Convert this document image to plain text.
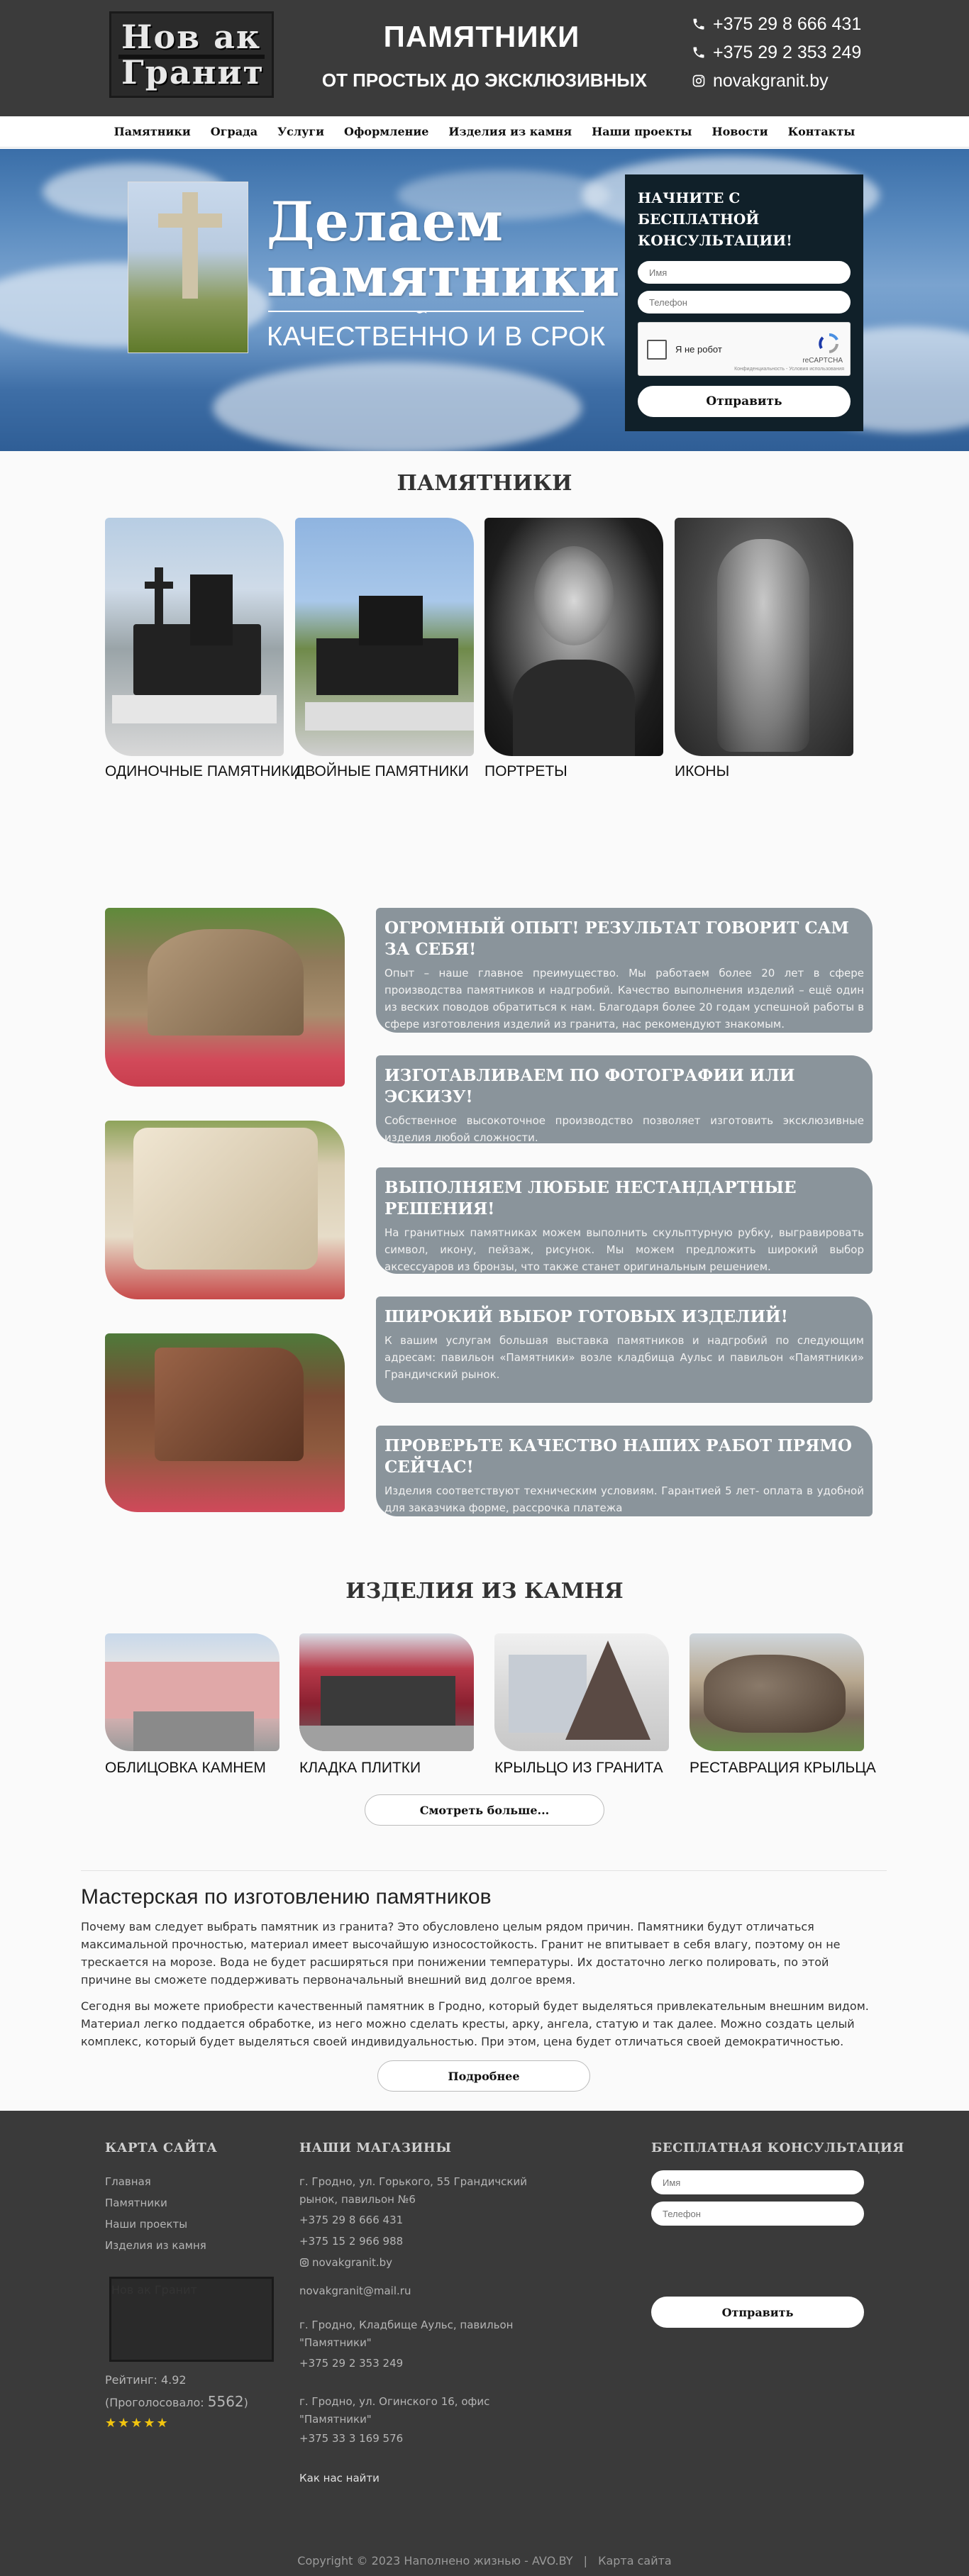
Нов ак
Гранит
ПАМЯТНИКИ
ОТ ПРОСТЫХ ДО ЭКСКЛЮЗИВНЫХ
+375 29 8 666 431
+375 29 2 353 249
novakgranit.by
Памятники Ограда Услуги Оформление Изделия из камня Наши проекты Новости Контакты
Делаем
памятники
∽
КАЧЕСТВЕННО И В СРОК
НАЧНИТЕ С БЕСПЛАТНОЙ КОНСУЛЬТАЦИИ!
Имя
Телефон
Я не робот
reCAPTCHA
Конфиденциальность - Условия использования
Отправить
ПАМЯТНИКИ
ОДИНОЧНЫЕ ПАМЯТНИКИ
ДВОЙНЫЕ ПАМЯТНИКИ	ПОРТРЕТЫ	ИКОНЫ
ОГРОМНЫЙ ОПЫТ! РЕЗУЛЬТАТ ГОВОРИТ САМ ЗА СЕБЯ!
Опыт – наше главное преимущество. Мы работаем более 20 лет в сфере производства памятников и надгробий. Качество выполнения изделий – ещё один из веских поводов обратиться к нам. Благодаря более 20 годам успешной работы в сфере изготовления изделий из гранита, нас рекомендуют знакомым.
ИЗГОТАВЛИВАЕМ ПО ФОТОГРАФИИ ИЛИ ЭСКИЗУ!
Собственное высокоточное производство позволяет изготовить эксклюзивные изделия любой сложности.
ВЫПОЛНЯЕМ ЛЮБЫЕ НЕСТАНДАРТНЫЕ РЕШЕНИЯ!
На гранитных памятниках можем выполнить скульптурную рубку, выгравировать символ, икону, пейзаж, рисунок. Мы можем предложить широкий выбор аксессуаров из бронзы, что также станет оригинальным решением.
ШИРОКИЙ ВЫБОР ГОТОВЫХ ИЗДЕЛИЙ!
К вашим услугам большая выставка памятников и надгробий по следующим адресам: павильон «Памятники» возле кладбища Аульс и павильон «Памятники» Грандичский рынок.
ПРОВЕРЬТЕ КАЧЕСТВО НАШИХ РАБОТ ПРЯМО СЕЙЧАС!
Изделия соответствуют техническим условиям. Гарантией 5 лет- оплата в удобной для заказчика форме, рассрочка платежа
ИЗДЕЛИЯ ИЗ КАМНЯ
ОБЛИЦОВКА КАМНЕМ	КЛАДКА ПЛИТКИ	КРЫЛЬЦО ИЗ ГРАНИТА	РЕСТАВРАЦИЯ КРЫЛЬЦА
Смотреть больше...
Мастерская по изготовлению памятников
Почему вам следует выбрать памятник из гранита? Это обусловлено целым рядом причин. Памятники будут отличаться максимальной прочностью, материал имеет высочайшую износостойкость. Гранит не впитывает в себя влагу, поэтому он не трескается на морозе. Вода не будет расширяться при понижении температуры. Их достаточно легко полировать, по этой причине вы сможете поддерживать первоначальный внешний вид долгое время.
Сегодня вы можете приобрести качественный памятник в Гродно, который будет выделяться привлекательным внешним видом. Материал легко поддается обработке, из него можно сделать кресты, арку, ангела, статую и так далее. Можно создать целый комплекс, который будет выделяться своей индивидуальностью. При этом, цена будет отличаться своей демократичностью.
Подробнее
КАРТА САЙТА
Главная
Памятники
Наши проекты
Изделия из камня
Нов ак Гранит
Рейтинг: 4.92
(Проголосовало: 5562)
★★★★★
НАШИ МАГАЗИНЫ
г. Гродно, ул. Горького, 55 Грандичский рынок, павильон №6
+375 29 8 666 431
+375 15 2 966 988
novakgranit.by
novakgranit@mail.ru
г. Гродно, Кладбище Аульс, павильон "Памятники"
+375 29 2 353 249
г. Гродно, ул. Огинского 16, офис "Памятники"
+375 33 3 169 576
Как нас найти
БЕСПЛАТНАЯ КОНСУЛЬТАЦИЯ
Имя
Телефон
Отправить
Copyright © 2023 Наполнено жизнью - AVO.BY | Карта сайта
